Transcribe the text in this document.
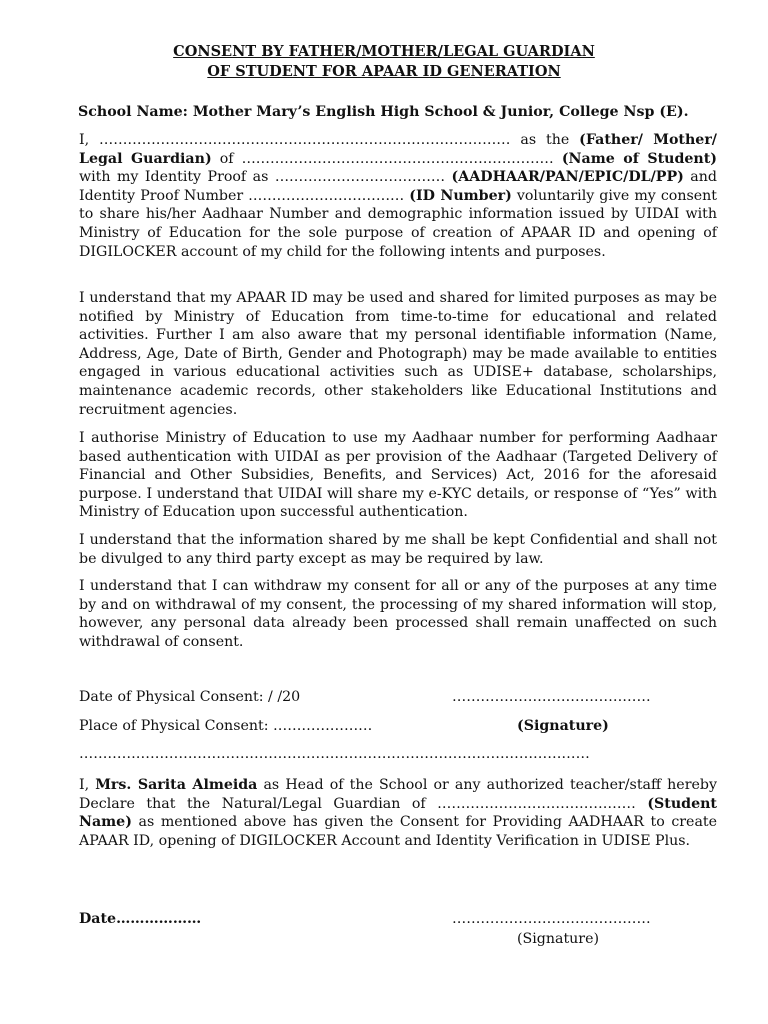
CONSENT BY FATHER/MOTHER/LEGAL GUARDIAN
OF STUDENT FOR APAAR ID GENERATION
School Name: Mother Mary’s English High School & Junior, College Nsp (E).

I, …………………………………………………………………………… as the (Father/ Mother/ Legal Guardian) of ………………………………………………………… (Name of Student) with my Identity Proof as ……………………………… (AADHAAR/PAN/EPIC/DL/PP) and Identity Proof Number …………………………… (ID Number) voluntarily give my consent to share his/her Aadhaar Number and demographic information issued by UIDAI with Ministry of Education for the sole purpose of creation of APAAR ID and opening of DIGILOCKER account of my child for the following intents and purposes.

I understand that my APAAR ID may be used and shared for limited purposes as may be notified by Ministry of Education from time-to-time for educational and related activities. Further I am also aware that my personal identifiable information (Name, Address, Age, Date of Birth, Gender and Photograph) may be made available to entities engaged in various educational activities such as UDISE+ database, scholarships, maintenance academic records, other stakeholders like Educational Institutions and recruitment agencies.

I authorise Ministry of Education to use my Aadhaar number for performing Aadhaar based authentication with UIDAI as per provision of the Aadhaar (Targeted Delivery of Financial and Other Subsidies, Benefits, and Services) Act, 2016 for the aforesaid purpose. I understand that UIDAI will share my e-KYC details, or response of “Yes” with Ministry of Education upon successful authentication.

I understand that the information shared by me shall be kept Confidential and shall not be divulged to any third party except as may be required by law.

I understand that I can withdraw my consent for all or any of the purposes at any time by and on withdrawal of my consent, the processing of my shared information will stop, however, any personal data already been processed shall remain unaffected on such withdrawal of consent.

Date of Physical Consent: / /20	……………………………………
Place of Physical Consent: …………………	(Signature)
………………………………………………………………………………………………

I, Mrs. Sarita Almeida as Head of the School or any authorized teacher/staff hereby Declare that the Natural/Legal Guardian of …………………………………… (Student Name) as mentioned above has given the Consent for Providing AADHAAR to create APAAR ID, opening of DIGILOCKER Account and Identity Verification in UDISE Plus.

Date………………	……………………………………
(Signature)
